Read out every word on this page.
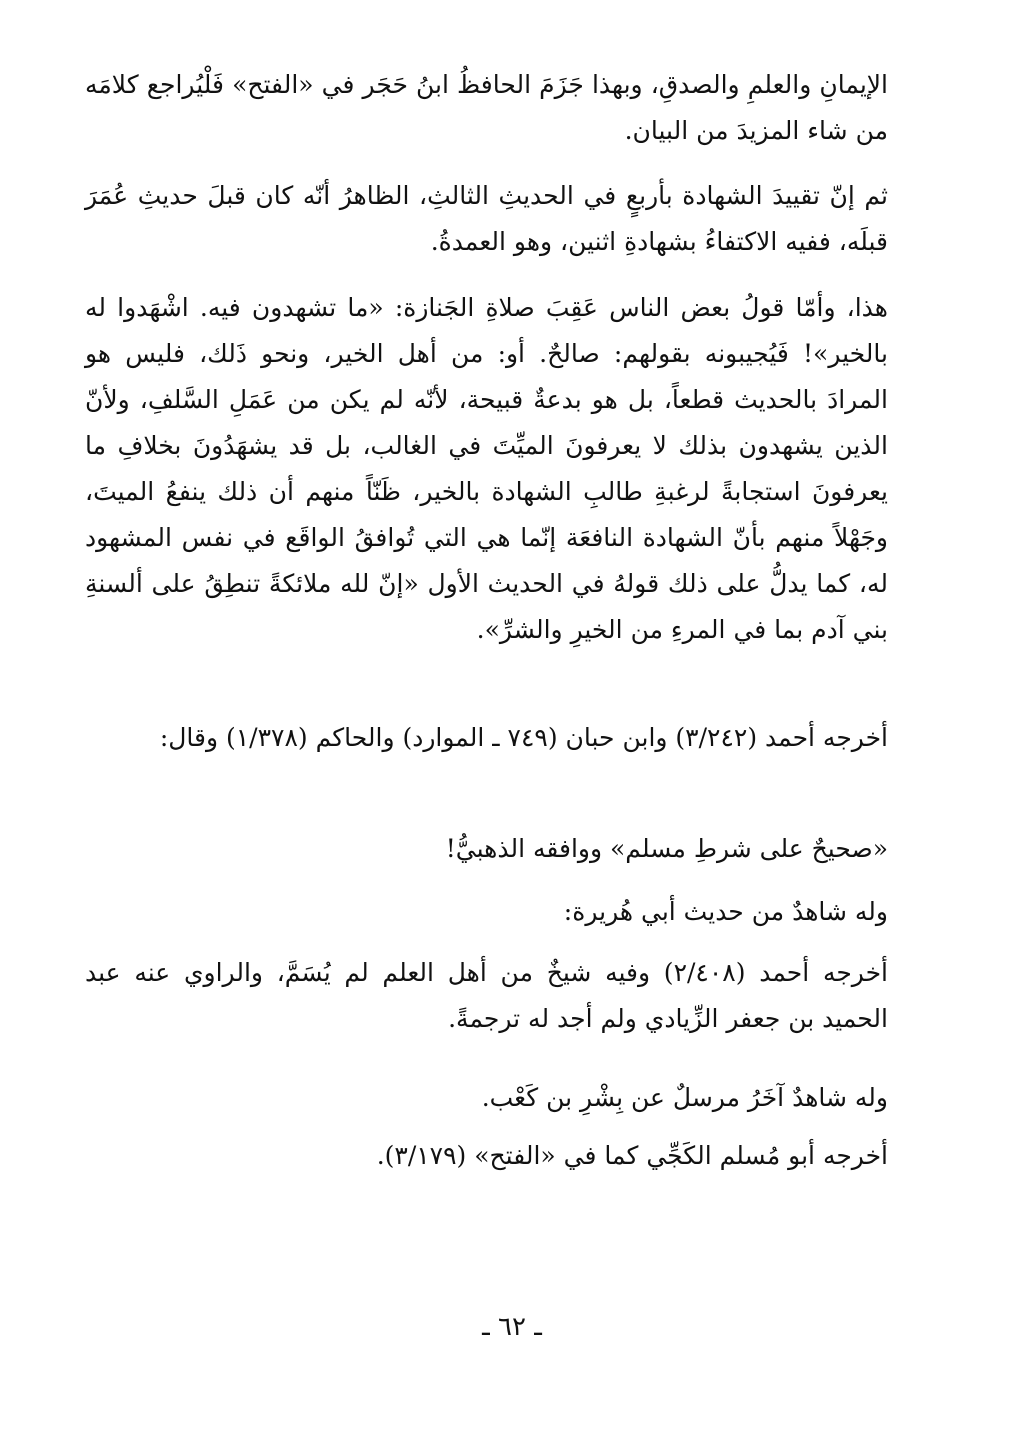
الإيمانِ والعلمِ والصدقِ، وبهذا جَزَمَ الحافظُ ابنُ حَجَر في «الفتح» فَلْيُراجع كلامَه من شاء المزيدَ من البيان.

ثم إنّ تقييدَ الشهادة بأربعٍ في الحديثِ الثالثِ، الظاهرُ أنّه كان قبلَ حديثِ عُمَرَ قبلَه، ففيه الاكتفاءُ بشهادةِ اثنين، وهو العمدةُ.

هذا، وأمّا قولُ بعض الناس عَقِبَ صلاةِ الجَنازة: «ما تشهدون فيه. اشْهَدوا له بالخير»! فَيُجيبونه بقولهم: صالحٌ. أو: من أهل الخير، ونحو ذَلك، فليس هو المرادَ بالحديث قطعاً، بل هو بدعةٌ قبيحة، لأنّه لم يكن من عَمَلِ السَّلفِ، ولأنّ الذين يشهدون بذلك لا يعرفونَ الميِّتَ في الغالب، بل قد يشهَدُونَ بخلافِ ما يعرفونَ استجابةً لرغبةِ طالبِ الشهادة بالخير، ظَنّاً منهم أن ذلك ينفعُ الميتَ، وجَهْلاً منهم بأنّ الشهادة النافعَة إنّما هي التي تُوافقُ الواقَع في نفس المشهود له، كما يدلُّ على ذلك قولهُ في الحديث الأول «إنّ لله ملائكةً تنطِقُ على ألسنةِ بني آدم بما في المرءِ من الخيرِ والشرِّ».

أخرجه أحمد (٣/٢٤٢) وابن حبان (٧٤٩ ـ الموارد) والحاكم (١/٣٧٨) وقال:

«صحيحٌ على شرطِ مسلم» ووافقه الذهبيُّ!

وله شاهدٌ من حديث أبي هُريرة:

أخرجه أحمد (٢/٤٠٨) وفيه شيخٌ من أهل العلم لم يُسَمَّ، والراوي عنه عبد الحميد بن جعفر الزِّيادي ولم أجد له ترجمةً.

وله شاهدٌ آخَرُ مرسلٌ عن بِشْرِ بن كَعْب.

أخرجه أبو مُسلم الكَجِّي كما في «الفتح» (٣/١٧٩).

ـ ٦٢ ـ
